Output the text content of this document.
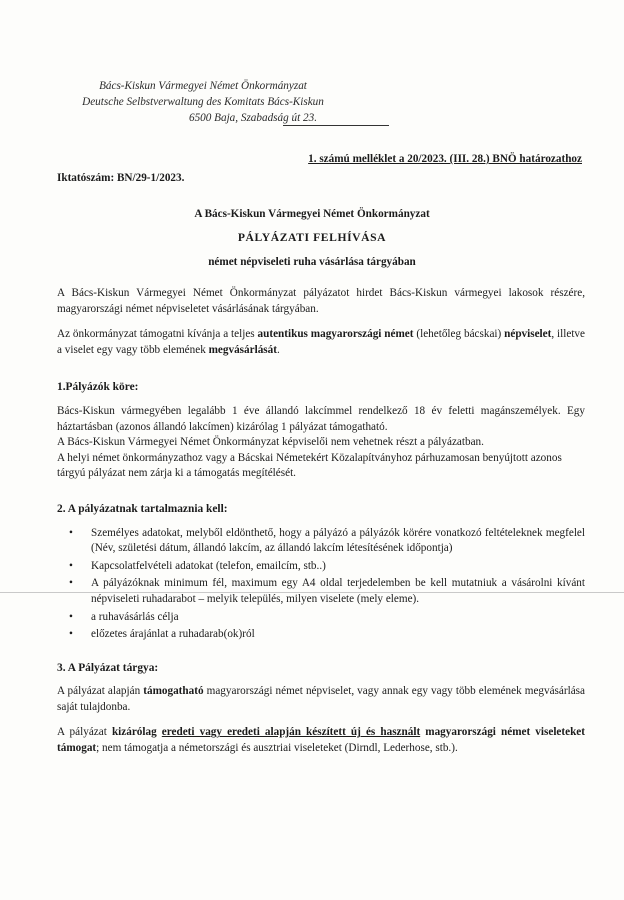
Bács-Kiskun Vármegyei Német Önkormányzat
Deutsche Selbstverwaltung des Komitats Bács-Kiskun
6500 Baja, Szabadság út 23.
1. számú melléklet a 20/2023. (III. 28.) BNÖ határozathoz
Iktatószám: BN/29-1/2023.
A Bács-Kiskun Vármegyei Német Önkormányzat
PÁLYÁZATI FELHÍVÁSA
német népviseleti ruha vásárlása tárgyában

A Bács-Kiskun Vármegyei Német Önkormányzat pályázatot hirdet Bács-Kiskun vármegyei lakosok részére, magyarországi német népviseletet vásárlásának tárgyában.

Az önkormányzat támogatni kívánja a teljes autentikus magyarországi német (lehetőleg bácskai) népviselet, illetve a viselet egy vagy több elemének megvásárlását.

1.Pályázók köre:

Bács-Kiskun vármegyében legalább 1 éve állandó lakcímmel rendelkező 18 év feletti magánszemélyek. Egy háztartásban (azonos állandó lakcímen) kizárólag 1 pályázat támogatható.

A Bács-Kiskun Vármegyei Német Önkormányzat képviselői nem vehetnek részt a pályázatban.

A helyi német önkormányzathoz vagy a Bácskai Németekért Közalapítványhoz párhuzamosan benyújtott azonos tárgyú pályázat nem zárja ki a támogatás megítélését.

2. A pályázatnak tartalmaznia kell:
• Személyes adatokat, melyből eldönthető, hogy a pályázó a pályázók körére vonatkozó feltételeknek megfelel (Név, születési dátum, állandó lakcím, az állandó lakcím létesítésének időpontja)
• Kapcsolatfelvételi adatokat (telefon, emailcím, stb..)
• A pályázóknak minimum fél, maximum egy A4 oldal terjedelemben be kell mutatniuk a vásárolni kívánt népviseleti ruhadarabot – melyik település, milyen viselete (mely eleme).
• a ruhavásárlás célja
• előzetes árajánlat a ruhadarab(ok)ról
3. A Pályázat tárgya:

A pályázat alapján támogatható magyarországi német népviselet, vagy annak egy vagy több elemének megvásárlása saját tulajdonba.

A pályázat kizárólag eredeti vagy eredeti alapján készített új és használt magyarországi német viseleteket támogat; nem támogatja a németországi és ausztriai viseleteket (Dirndl, Lederhose, stb.).
